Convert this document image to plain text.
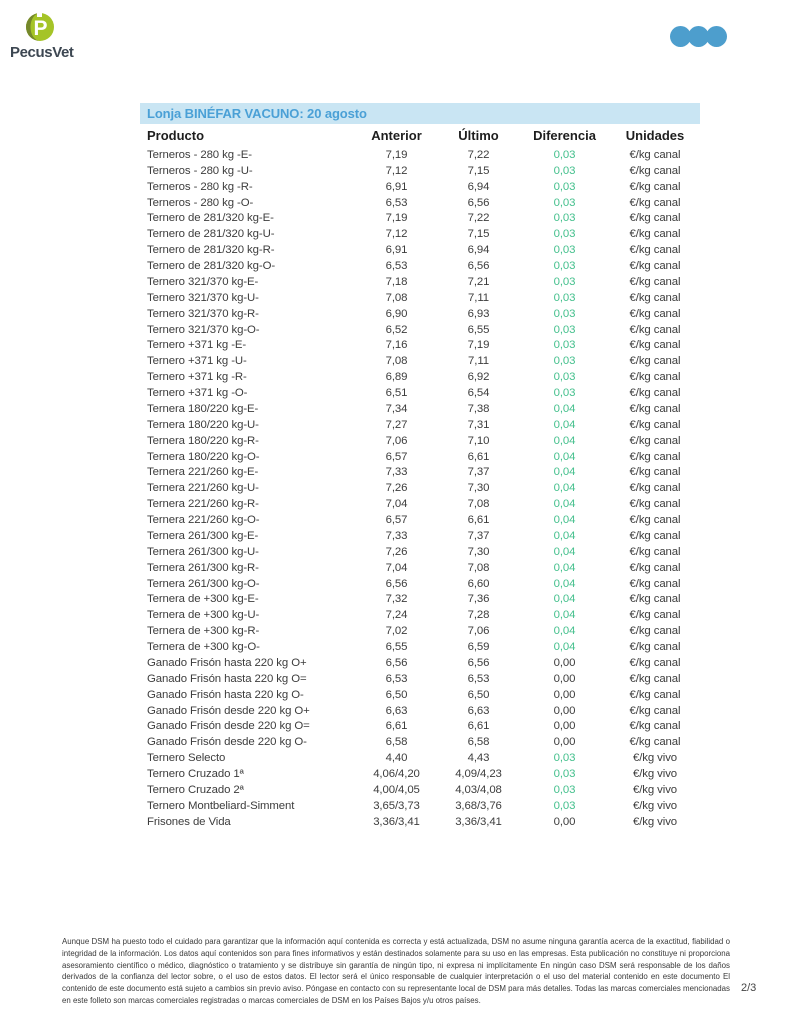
P
PecusVet
Lonja BINÉFAR VACUNO: 20 agosto
Producto	Anterior	Último	Diferencia	Unidades
Terneros - 280 kg -E-	7,19	7,22	0,03	€/kg canal
Terneros - 280 kg -U-	7,12	7,15	0,03	€/kg canal
Terneros - 280 kg -R-	6,91	6,94	0,03	€/kg canal
Terneros - 280 kg -O-	6,53	6,56	0,03	€/kg canal
Ternero de 281/320 kg-E-	7,19	7,22	0,03	€/kg canal
Ternero de 281/320 kg-U-	7,12	7,15	0,03	€/kg canal
Ternero de 281/320 kg-R-	6,91	6,94	0,03	€/kg canal
Ternero de 281/320 kg-O-	6,53	6,56	0,03	€/kg canal
Ternero 321/370 kg-E-	7,18	7,21	0,03	€/kg canal
Ternero 321/370 kg-U-	7,08	7,11	0,03	€/kg canal
Ternero 321/370 kg-R-	6,90	6,93	0,03	€/kg canal
Ternero 321/370 kg-O-	6,52	6,55	0,03	€/kg canal
Ternero +371 kg -E-	7,16	7,19	0,03	€/kg canal
Ternero +371 kg -U-	7,08	7,11	0,03	€/kg canal
Ternero +371 kg -R-	6,89	6,92	0,03	€/kg canal
Ternero +371 kg -O-	6,51	6,54	0,03	€/kg canal
Ternera 180/220 kg-E-	7,34	7,38	0,04	€/kg canal
Ternera 180/220 kg-U-	7,27	7,31	0,04	€/kg canal
Ternera 180/220 kg-R-	7,06	7,10	0,04	€/kg canal
Ternera 180/220 kg-O-	6,57	6,61	0,04	€/kg canal
Ternera 221/260 kg-E-	7,33	7,37	0,04	€/kg canal
Ternera 221/260 kg-U-	7,26	7,30	0,04	€/kg canal
Ternera 221/260 kg-R-	7,04	7,08	0,04	€/kg canal
Ternera 221/260 kg-O-	6,57	6,61	0,04	€/kg canal
Ternera 261/300 kg-E-	7,33	7,37	0,04	€/kg canal
Ternera 261/300 kg-U-	7,26	7,30	0,04	€/kg canal
Ternera 261/300 kg-R-	7,04	7,08	0,04	€/kg canal
Ternera 261/300 kg-O-	6,56	6,60	0,04	€/kg canal
Ternera de +300 kg-E-	7,32	7,36	0,04	€/kg canal
Ternera de +300 kg-U-	7,24	7,28	0,04	€/kg canal
Ternera de +300 kg-R-	7,02	7,06	0,04	€/kg canal
Ternera de +300 kg-O-	6,55	6,59	0,04	€/kg canal
Ganado Frisón hasta 220 kg O+	6,56	6,56	0,00	€/kg canal
Ganado Frisón hasta 220 kg O=	6,53	6,53	0,00	€/kg canal
Ganado Frisón hasta 220 kg O-	6,50	6,50	0,00	€/kg canal
Ganado Frisón desde 220 kg O+	6,63	6,63	0,00	€/kg canal
Ganado Frisón desde 220 kg O=	6,61	6,61	0,00	€/kg canal
Ganado Frisón desde 220 kg O-	6,58	6,58	0,00	€/kg canal
Ternero Selecto	4,40	4,43	0,03	€/kg vivo
Ternero Cruzado 1ª	4,06/4,20	4,09/4,23	0,03	€/kg vivo
Ternero Cruzado 2ª	4,00/4,05	4,03/4,08	0,03	€/kg vivo
Ternero Montbeliard-Simment	3,65/3,73	3,68/3,76	0,03	€/kg vivo
Frisones de Vida	3,36/3,41	3,36/3,41	0,00	€/kg vivo
Aunque DSM ha puesto todo el cuidado para garantizar que la información aquí contenida es correcta y está actualizada, DSM no asume ninguna garantía acerca de la exactitud, fiabilidad o integridad de la información. Los datos aquí contenidos son para fines informativos y están destinados solamente para su uso en las empresas. Esta publicación no constituye ni proporciona asesoramiento científico o médico, diagnóstico o tratamiento y se distribuye sin garantía de ningún tipo, ni expresa ni implícitamente En ningún caso DSM será responsable de los daños derivados de la confianza del lector sobre, o el uso de estos datos. El lector será el único responsable de cualquier interpretación o el uso del material contenido en este documento El contenido de este documento está sujeto a cambios sin previo aviso. Póngase en contacto con su representante local de DSM para más detalles. Todas las marcas comerciales mencionadas en este folleto son marcas comerciales registradas o marcas comerciales de DSM en los Países Bajos y/u otros países.
2/3
